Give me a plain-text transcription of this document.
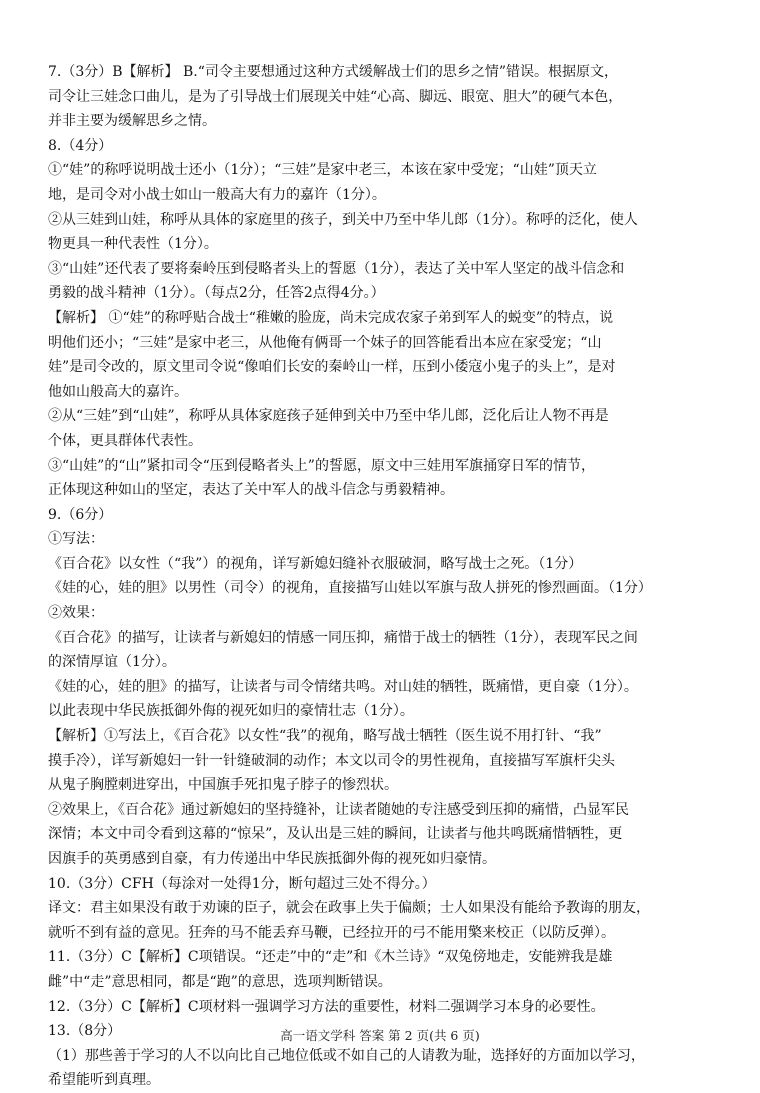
7.（3分）B【解析】 B.“司令主要想通过这种方式缓解战士们的思乡之情”错误。根据原文，
司令让三娃念口曲儿，是为了引导战士们展现关中娃“心高、脚远、眼宽、胆大”的硬气本色，
并非主要为缓解思乡之情。
8.（4分）
①“娃”的称呼说明战士还小（1分）；“三娃”是家中老三，本该在家中受宠；“山娃”顶天立
地，是司令对小战士如山一般高大有力的嘉许（1分）。
②从三娃到山娃，称呼从具体的家庭里的孩子，到关中乃至中华儿郎（1分）。称呼的泛化，使人
物更具一种代表性（1分）。
③“山娃”还代表了要将秦岭压到侵略者头上的誓愿（1分），表达了关中军人坚定的战斗信念和
勇毅的战斗精神（1分）。（每点2分，任答2点得4分。）
【解析】 ①“娃”的称呼贴合战士“稚嫩的脸庞，尚未完成农家子弟到军人的蜕变”的特点，说
明他们还小；“三娃”是家中老三，从他俺有俩哥一个妹子的回答能看出本应在家受宠；“山
娃”是司令改的，原文里司令说“像咱们长安的秦岭山一样，压到小倭寇小鬼子的头上”，是对
他如山般高大的嘉许。
②从“三娃”到“山娃”，称呼从具体家庭孩子延伸到关中乃至中华儿郎，泛化后让人物不再是
个体，更具群体代表性。
③“山娃”的“山”紧扣司令“压到侵略者头上”的誓愿，原文中三娃用军旗捅穿日军的情节，
正体现这种如山的坚定，表达了关中军人的战斗信念与勇毅精神。
9.（6分）
①写法：
《百合花》以女性（“我”）的视角，详写新媳妇缝补衣服破洞，略写战士之死。（1分）
《娃的心，娃的胆》以男性（司令）的视角，直接描写山娃以军旗与敌人拼死的惨烈画面。（1分）
②效果：
《百合花》的描写，让读者与新媳妇的情感一同压抑，痛惜于战士的牺牲（1分），表现军民之间
的深情厚谊（1分）。
《娃的心，娃的胆》的描写，让读者与司令情绪共鸣。对山娃的牺牲，既痛惜，更自豪（1分）。
以此表现中华民族抵御外侮的视死如归的豪情壮志（1分）。
【解析】①写法上，《百合花》以女性“我”的视角，略写战士牺牲（医生说不用打针、“我”
摸手冷），详写新媳妇一针一针缝破洞的动作；本文以司令的男性视角，直接描写军旗杆尖头
从鬼子胸膛刺进穿出，中国旗手死扣鬼子脖子的惨烈状。
②效果上，《百合花》通过新媳妇的坚持缝补，让读者随她的专注感受到压抑的痛惜，凸显军民
深情；本文中司令看到这幕的“惊呆”，及认出是三娃的瞬间，让读者与他共鸣既痛惜牺牲，更
因旗手的英勇感到自豪，有力传递出中华民族抵御外侮的视死如归豪情。
10.（3分）CFH（每涂对一处得1分，断句超过三处不得分。）
译文：君主如果没有敢于劝谏的臣子，就会在政事上失于偏颇；士人如果没有能给予教诲的朋友，
就听不到有益的意见。狂奔的马不能丢弃马鞭，已经拉开的弓不能用檠来校正（以防反弹）。
11.（3分）C【解析】C项错误。“还走”中的“走”和《木兰诗》“双兔傍地走，安能辨我是雄
雌”中“走”意思相同，都是“跑”的意思，选项判断错误。
12.（3分）C【解析】C项材料一强调学习方法的重要性，材料二强调学习本身的必要性。
13.（8分）
（1）那些善于学习的人不以向比自己地位低或不如自己的人请教为耻，选择好的方面加以学习，
希望能听到真理。
高一语文学科 答案 第 2 页(共 6 页)
